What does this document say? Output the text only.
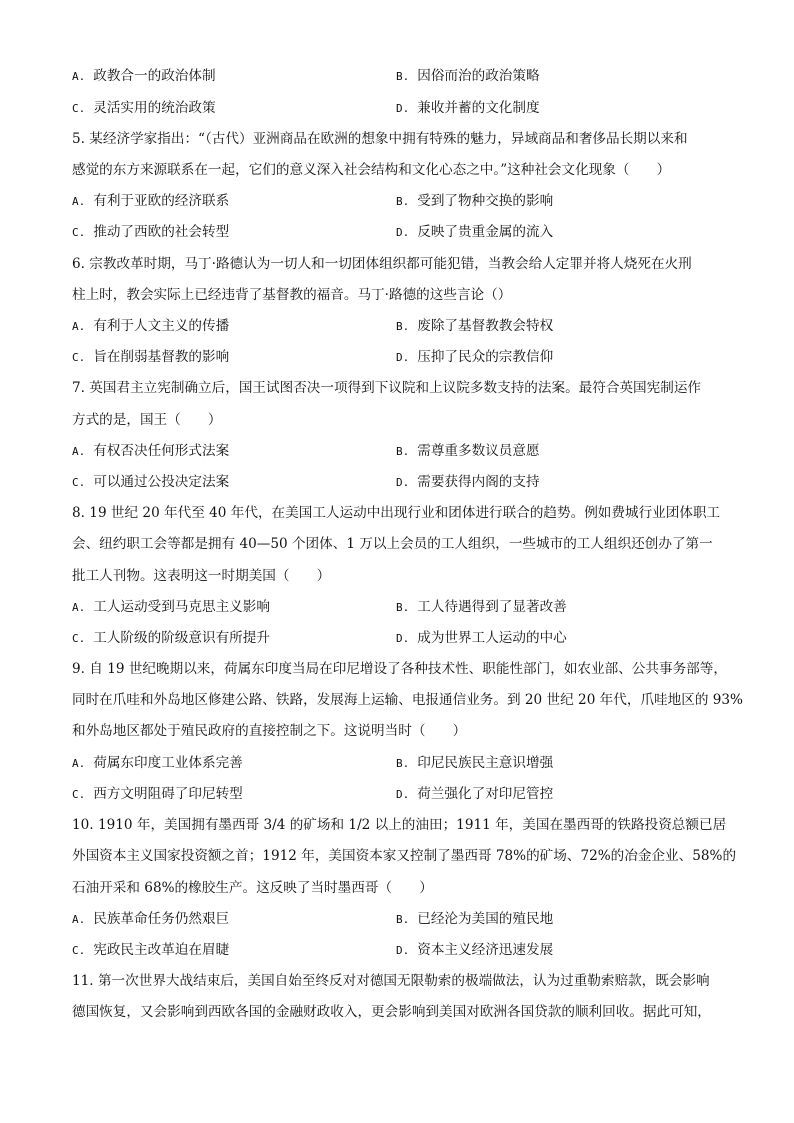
A. 政教合一的政治体制	B. 因俗而治的政治策略
C. 灵活实用的统治政策	D. 兼收并蓄的文化制度
5. 某经济学家指出：“（古代）亚洲商品在欧洲的想象中拥有特殊的魅力，异域商品和奢侈品长期以来和
感觉的东方来源联系在一起，它们的意义深入社会结构和文化心态之中。”这种社会文化现象（　　）
A. 有利于亚欧的经济联系	B. 受到了物种交换的影响
C. 推动了西欧的社会转型	D. 反映了贵重金属的流入
6. 宗教改革时期，马丁·路德认为一切人和一切团体组织都可能犯错，当教会给人定罪并将人烧死在火刑
柱上时，教会实际上已经违背了基督教的福音。马丁·路德的这些言论（）
A. 有利于人文主义的传播	B. 废除了基督教教会特权
C. 旨在削弱基督教的影响	D. 压抑了民众的宗教信仰
7. 英国君主立宪制确立后，国王试图否决一项得到下议院和上议院多数支持的法案。最符合英国宪制运作
方式的是，国王（　　）
A. 有权否决任何形式法案	B. 需尊重多数议员意愿
C. 可以通过公投决定法案	D. 需要获得内阁的支持
8. 19 世纪 20 年代至 40 年代，在美国工人运动中出现行业和团体进行联合的趋势。例如费城行业团体职工
会、纽约职工会等都是拥有 40—50 个团体、1 万以上会员的工人组织，一些城市的工人组织还创办了第一
批工人刊物。这表明这一时期美国（　　）
A. 工人运动受到马克思主义影响	B. 工人待遇得到了显著改善
C. 工人阶级的阶级意识有所提升	D. 成为世界工人运动的中心
9. 自 19 世纪晚期以来，荷属东印度当局在印尼增设了各种技术性、职能性部门，如农业部、公共事务部等，
同时在爪哇和外岛地区修建公路、铁路，发展海上运输、电报通信业务。到 20 世纪 20 年代，爪哇地区的 93%
和外岛地区都处于殖民政府的直接控制之下。这说明当时（　　）
A. 荷属东印度工业体系完善	B. 印尼民族民主意识增强
C. 西方文明阻碍了印尼转型	D. 荷兰强化了对印尼管控
10. 1910 年，美国拥有墨西哥 3/4 的矿场和 1/2 以上的油田；1911 年，美国在墨西哥的铁路投资总额已居
外国资本主义国家投资额之首；1912 年，美国资本家又控制了墨西哥 78%的矿场、72%的冶金企业、58%的
石油开采和 68%的橡胶生产。这反映了当时墨西哥（　　）
A. 民族革命任务仍然艰巨	B. 已经沦为美国的殖民地
C. 宪政民主改革迫在眉睫	D. 资本主义经济迅速发展
11. 第一次世界大战结束后，美国自始至终反对对德国无限勒索的极端做法，认为过重勒索赔款，既会影响
德国恢复，又会影响到西欧各国的金融财政收入，更会影响到美国对欧洲各国贷款的顺利回收。据此可知，
